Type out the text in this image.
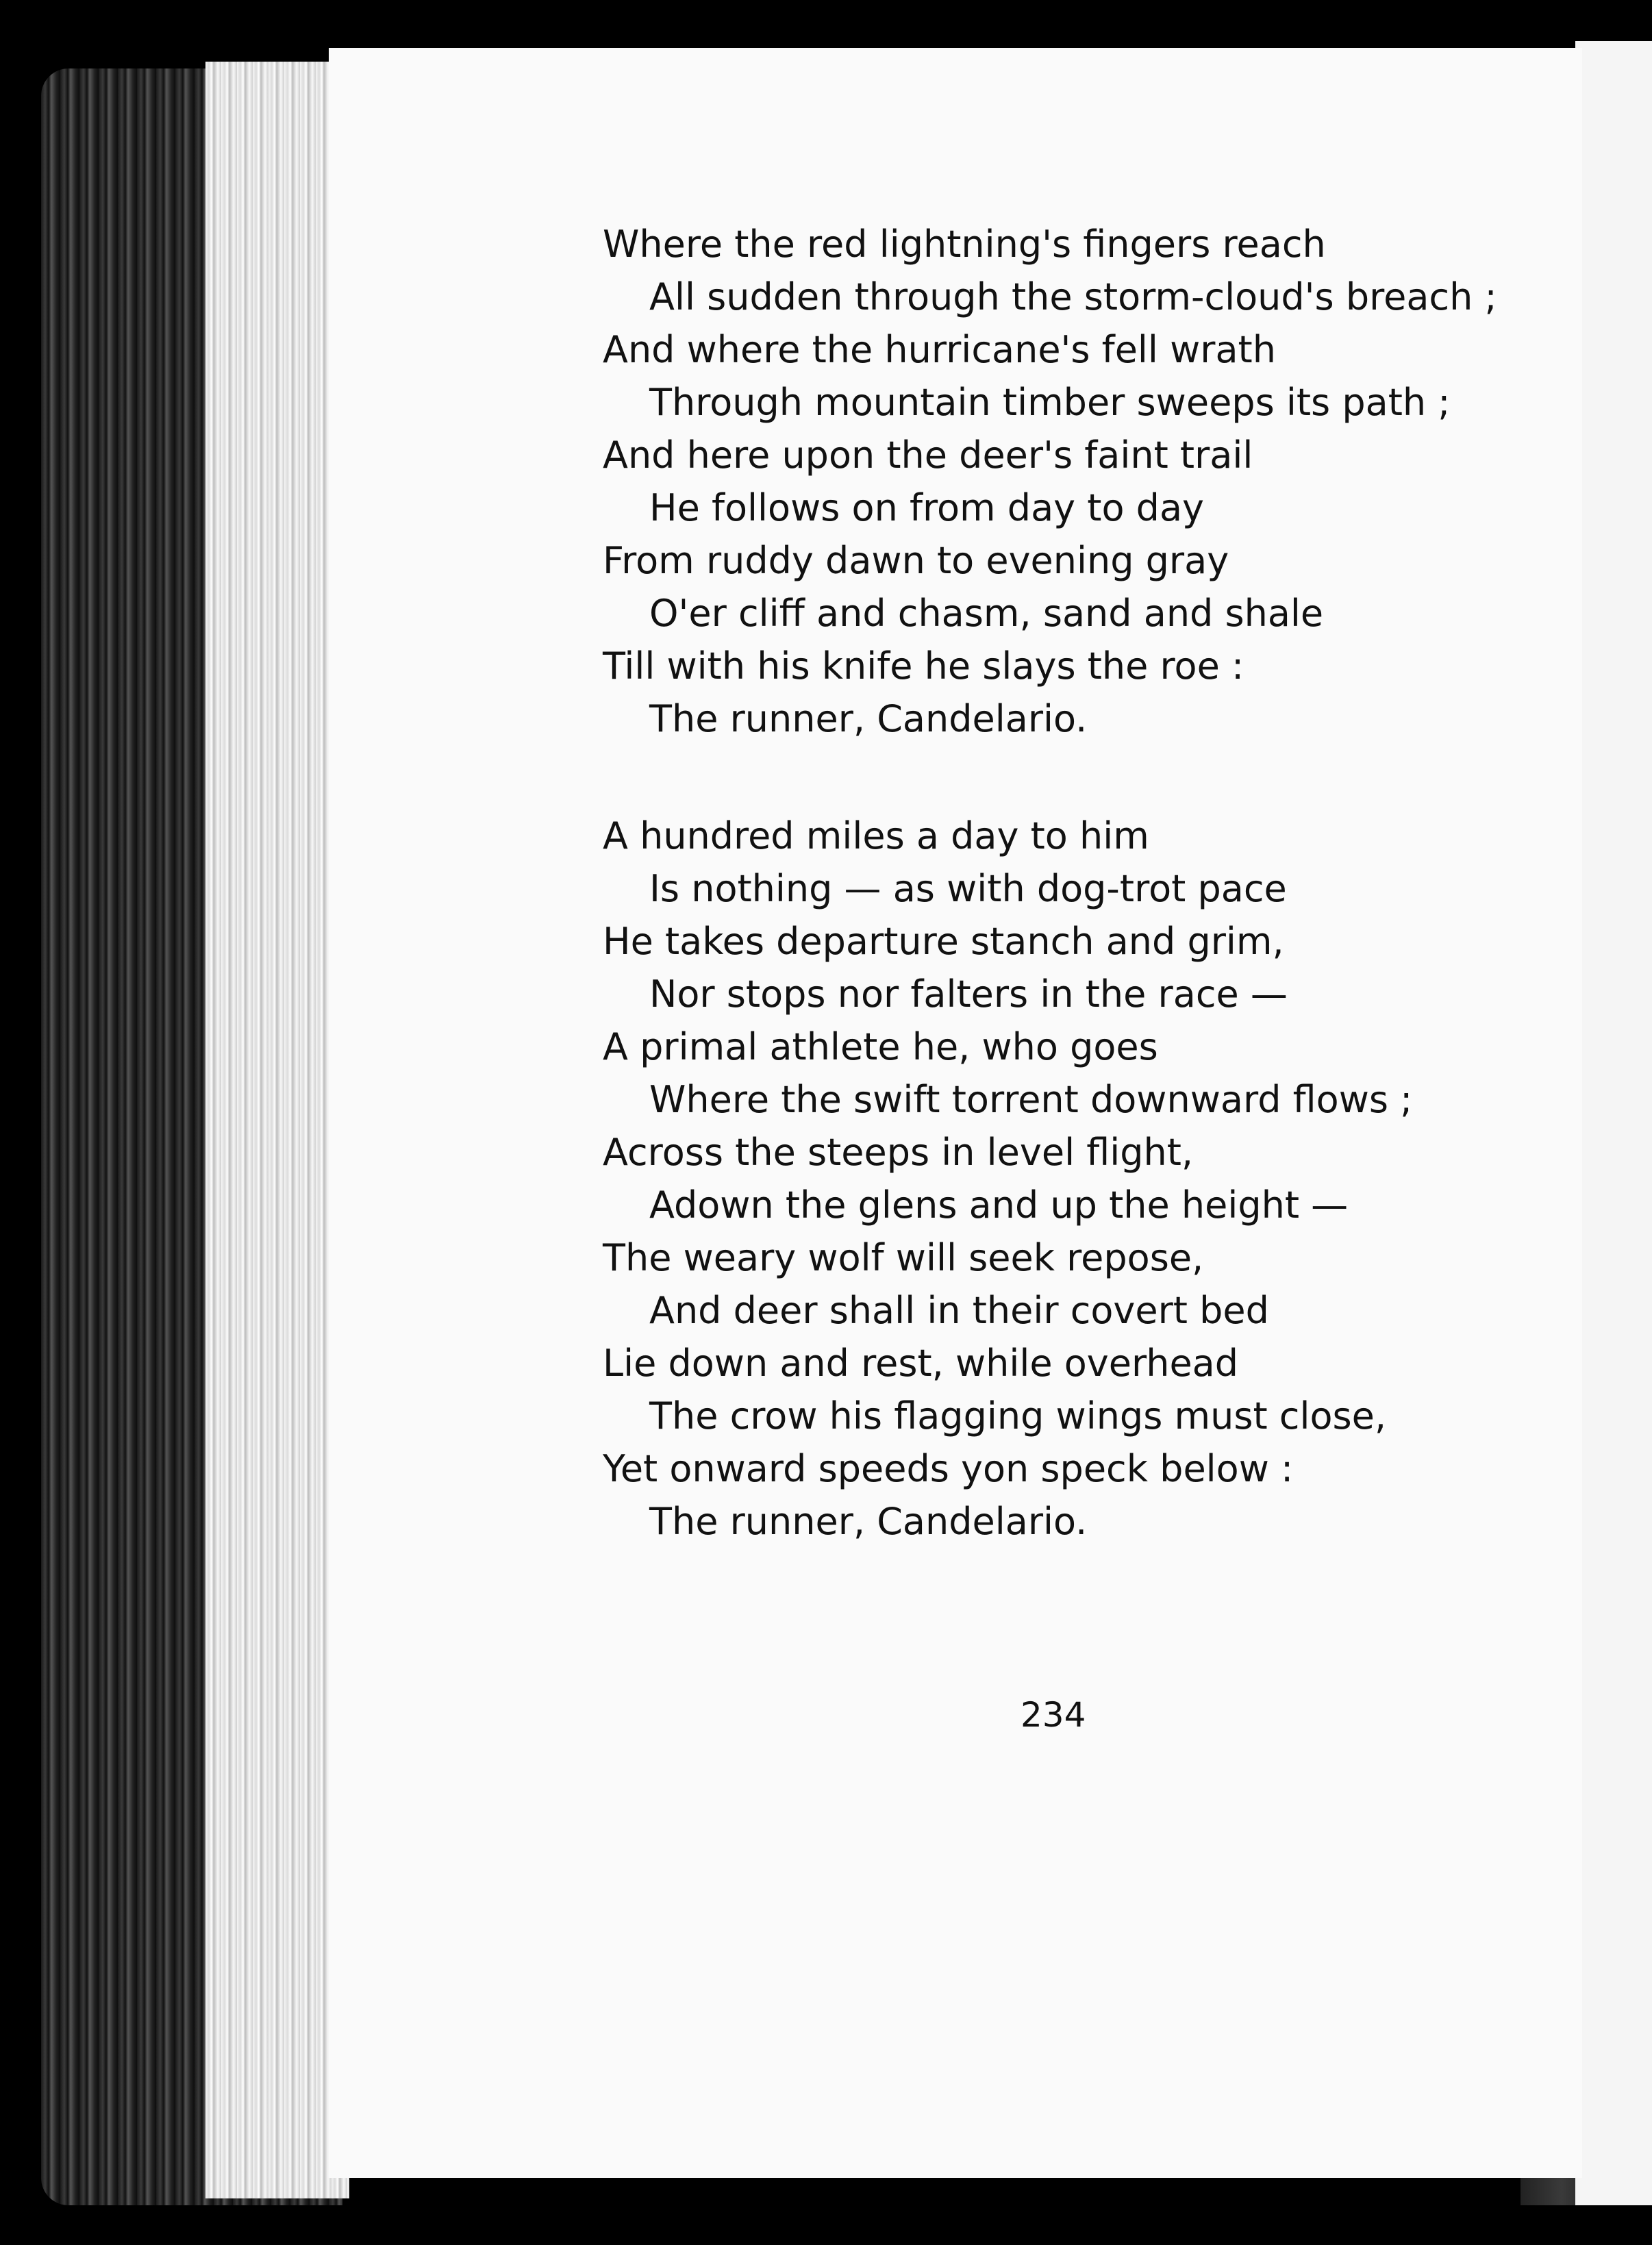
Where the red lightning's fingers reach
All sudden through the storm-cloud's breach ;
And where the hurricane's fell wrath
Through mountain timber sweeps its path ;
And here upon the deer's faint trail
He follows on from day to day
From ruddy dawn to evening gray
O'er cliff and chasm, sand and shale
Till with his knife he slays the roe :
The runner, Candelario.
A hundred miles a day to him
Is nothing — as with dog-trot pace
He takes departure stanch and grim,
Nor stops nor falters in the race —
A primal athlete he, who goes
Where the swift torrent downward flows ;
Across the steeps in level flight,
Adown the glens and up the height —
The weary wolf will seek repose,
And deer shall in their covert bed
Lie down and rest, while overhead
The crow his flagging wings must close,
Yet onward speeds yon speck below :
The runner, Candelario.
234
